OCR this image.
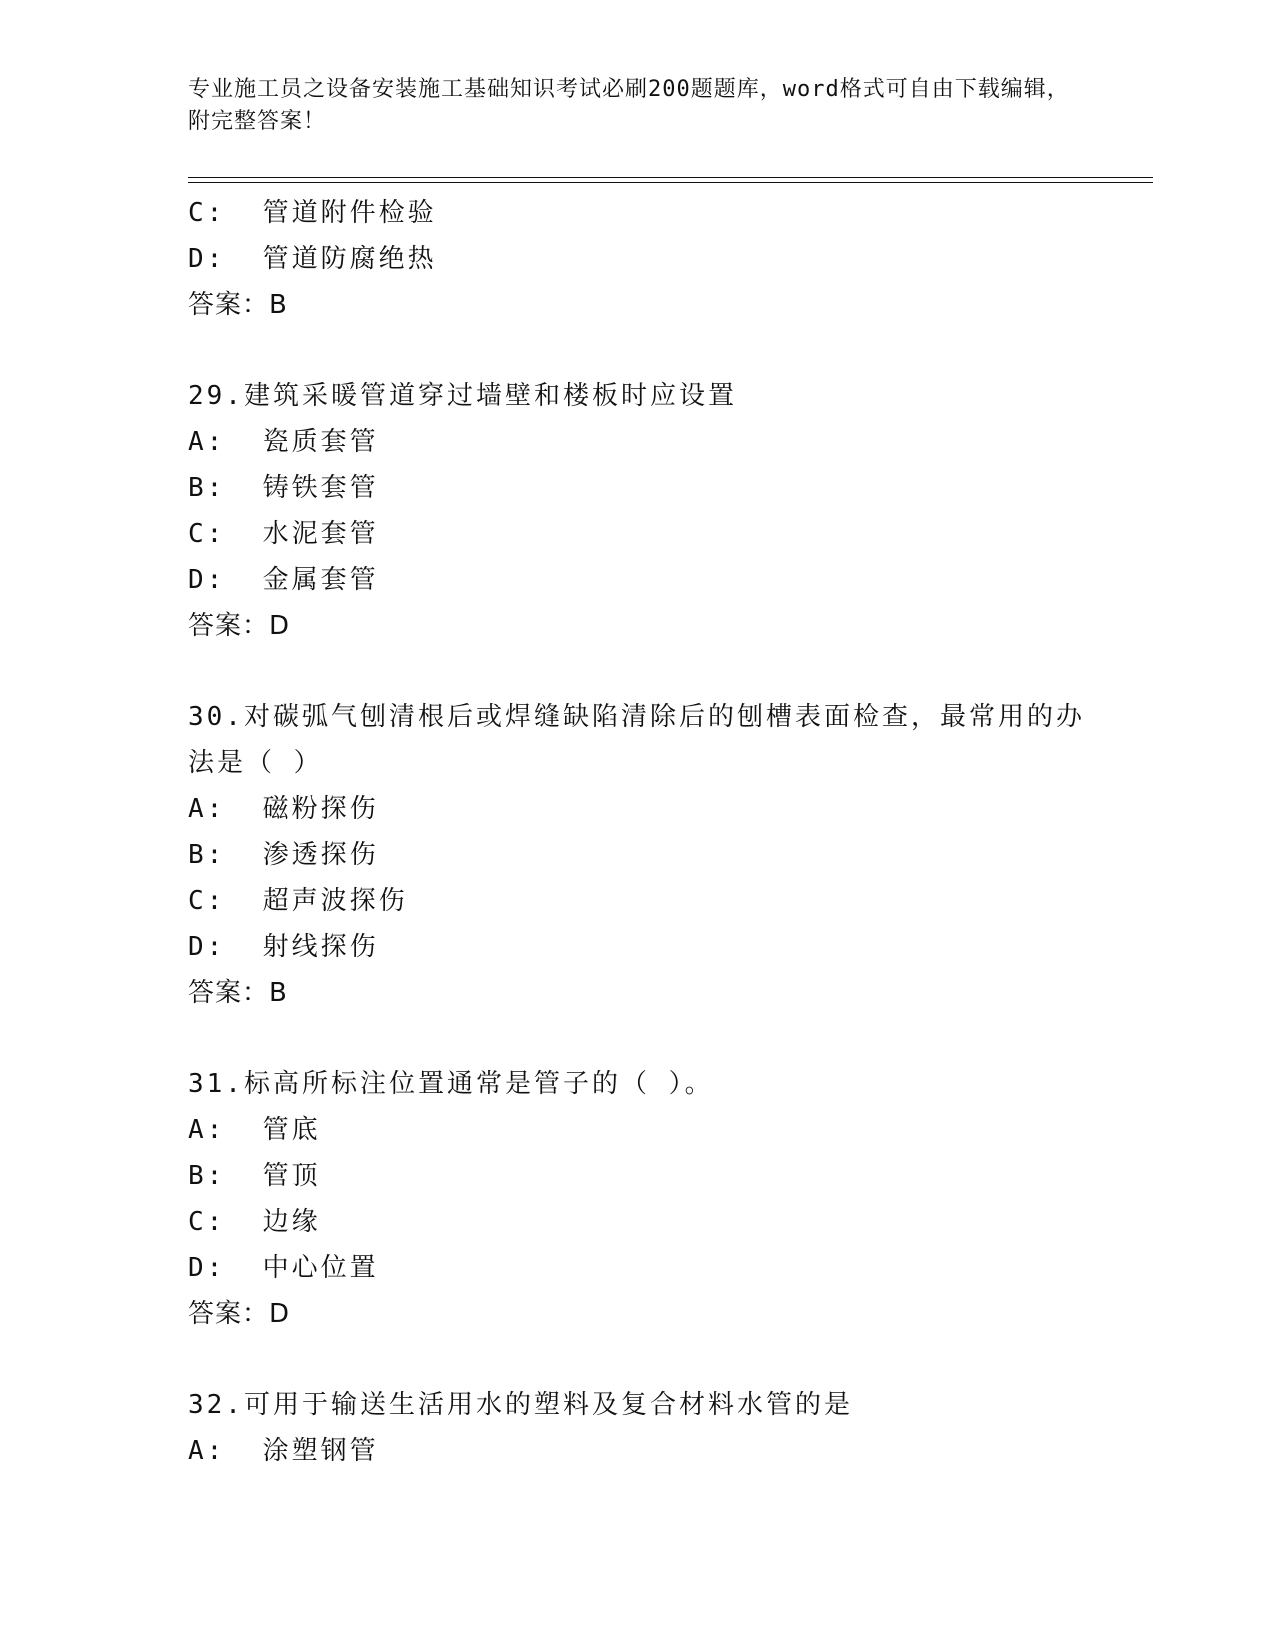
专业施工员之设备安装施工基础知识考试必刷200题题库，word格式可自由下载编辑，附完整答案！
C:  管道附件检验
D:  管道防腐绝热
答案：B
29.建筑采暖管道穿过墙壁和楼板时应设置
A:  瓷质套管
B:  铸铁套管
C:  水泥套管
D:  金属套管
答案：D
30.对碳弧气刨清根后或焊缝缺陷清除后的刨槽表面检查，最常用的办法是（ ）
A:  磁粉探伤
B:  渗透探伤
C:  超声波探伤
D:  射线探伤
答案：B
31.标高所标注位置通常是管子的（ ）。
A:  管底
B:  管顶
C:  边缘
D:  中心位置
答案：D
32.可用于输送生活用水的塑料及复合材料水管的是
A:  涂塑钢管
